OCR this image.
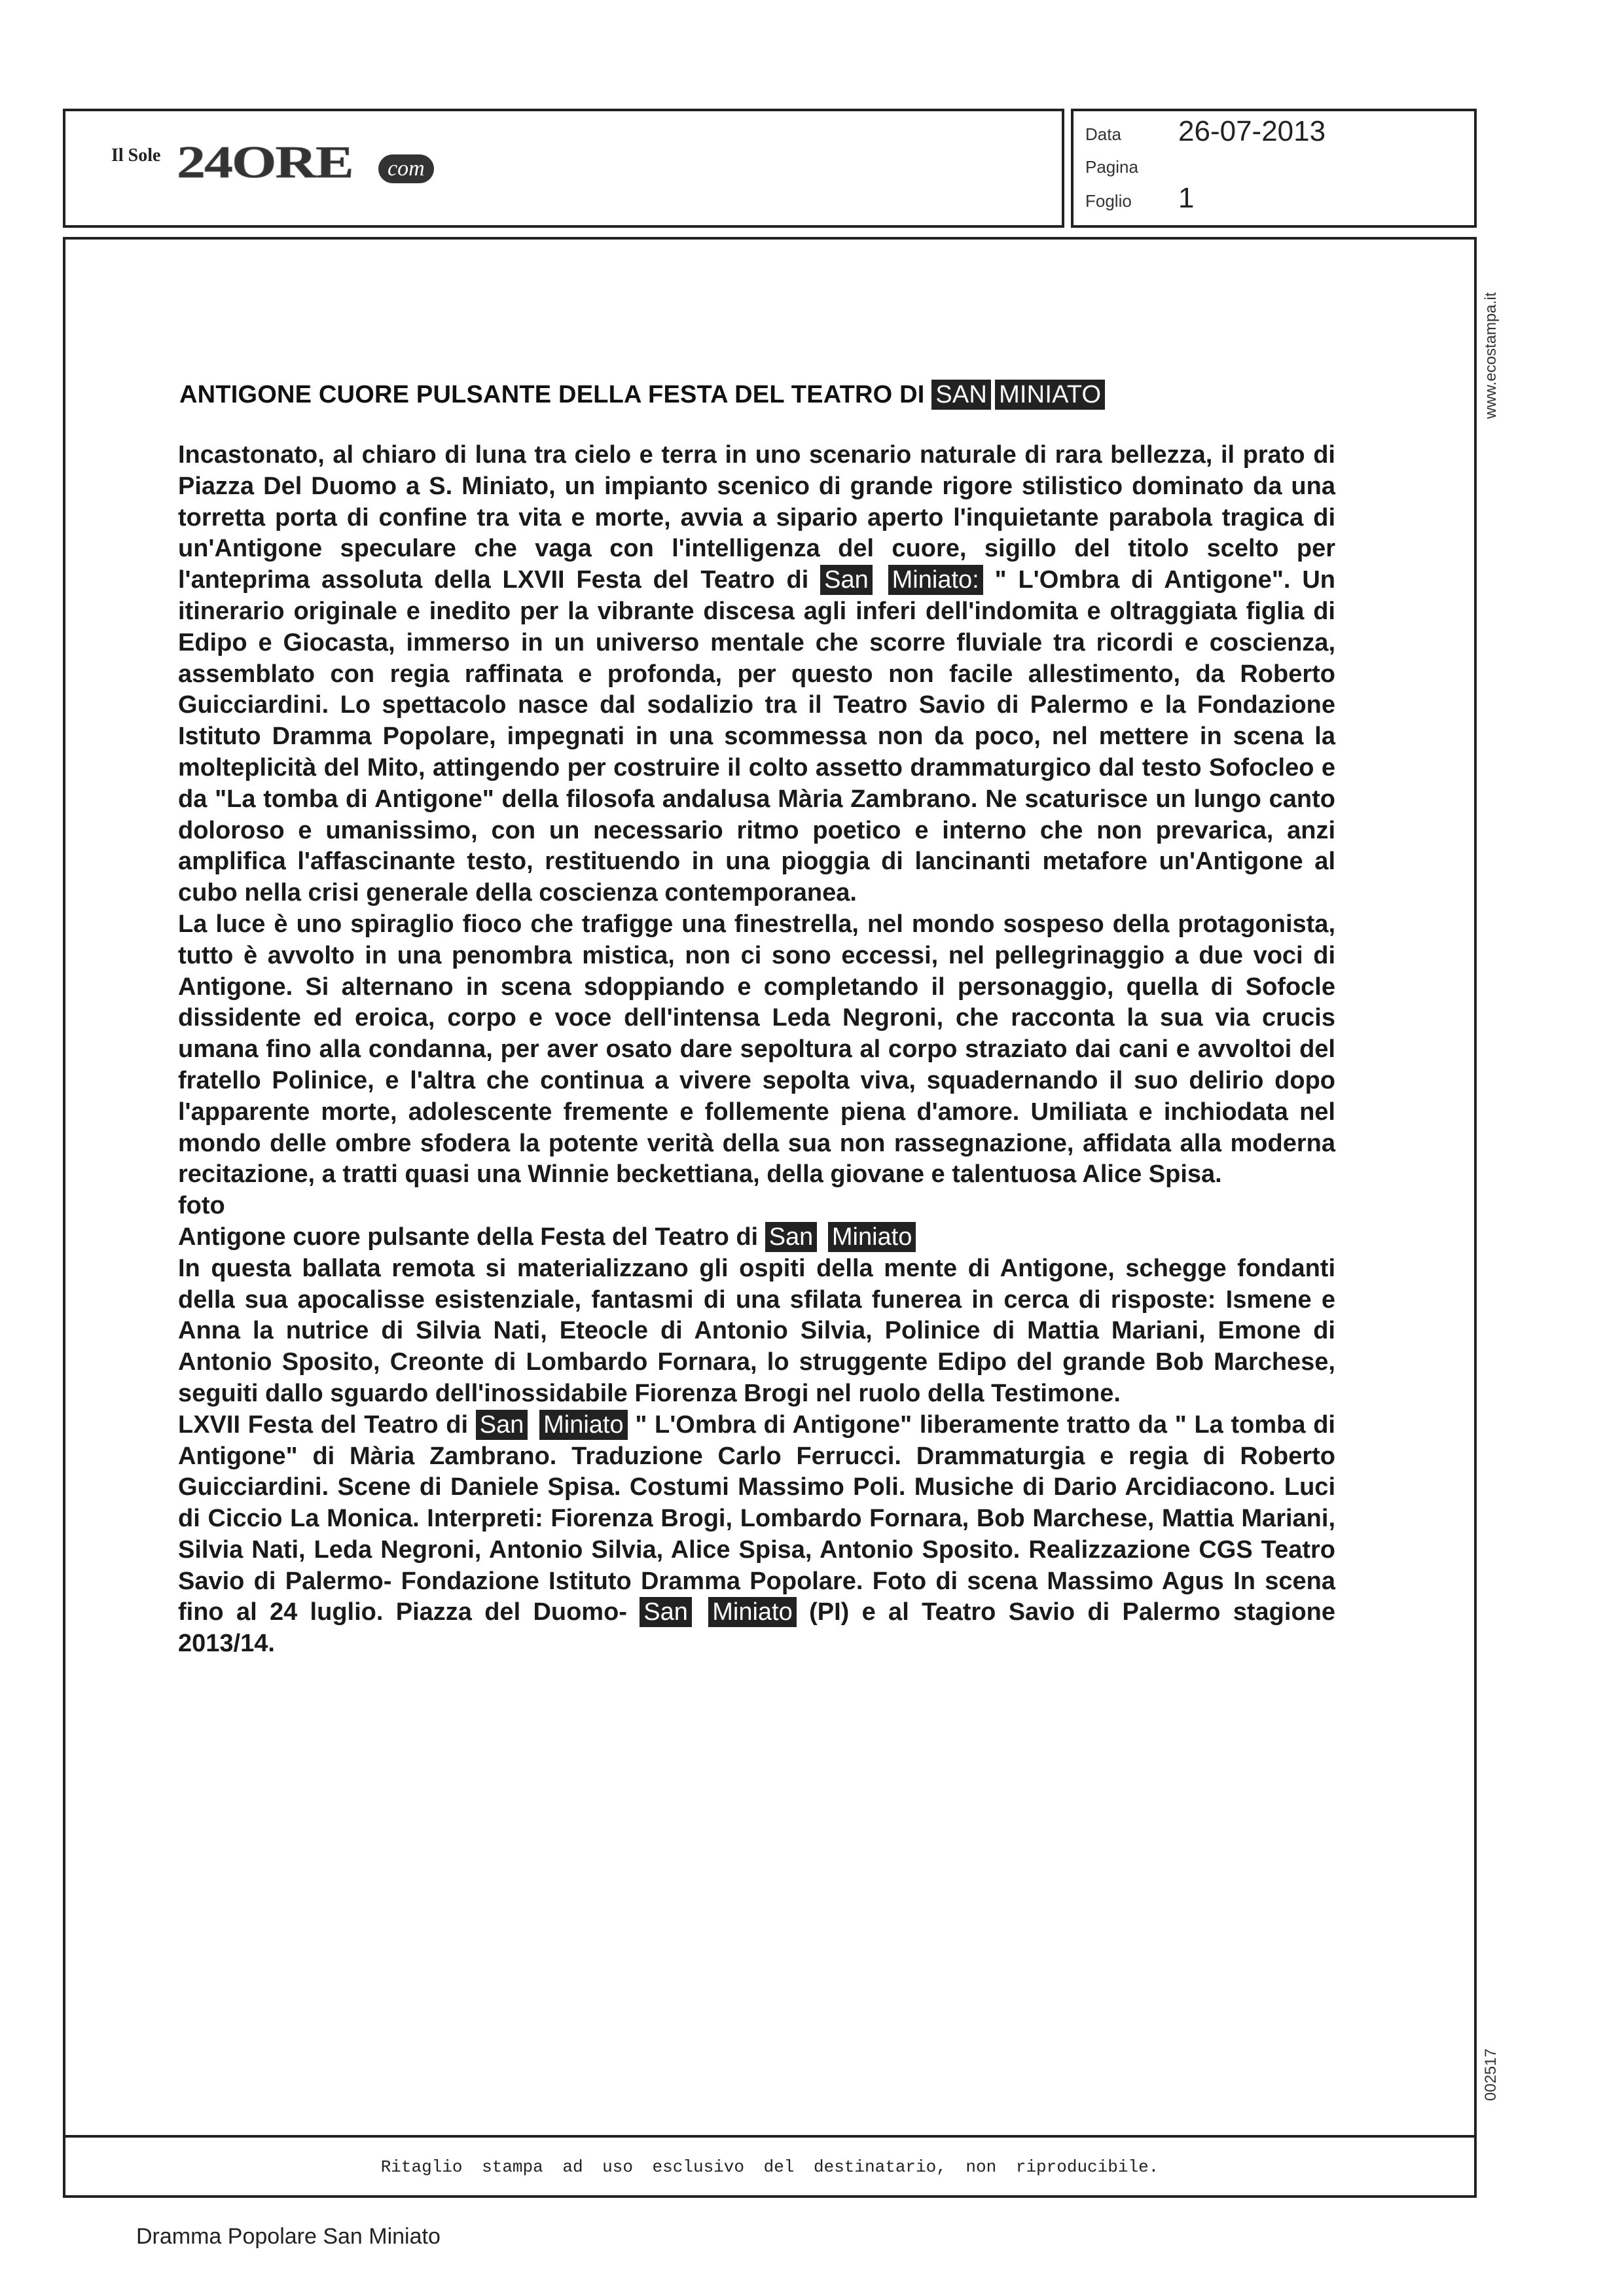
Il Sole 24ORE	com
Data 26-07-2013
Pagina
Foglio 1
Ritaglio stampa ad uso esclusivo del destinatario, non riproducibile.
www.ecostampa.it
002517
ANTIGONE CUORE PULSANTE DELLA FESTA DEL TEATRO DI SAN MINIATO

Incastonato, al chiaro di luna tra cielo e terra in uno scenario naturale di rara bellezza, il prato di Piazza Del Duomo a S. Miniato, un impianto scenico di grande rigore stilistico dominato da una torretta porta di confine tra vita e morte, avvia a sipario aperto l'inquietante parabola tragica di un'Antigone speculare che vaga con l'intelligenza del cuore, sigillo del titolo scelto per l'anteprima assoluta della LXVII Festa del Teatro di San Miniato: " L'Ombra di Antigone". Un itinerario originale e inedito per la vibrante discesa agli inferi dell'indomita e oltraggiata figlia di Edipo e Giocasta, immerso in un universo mentale che scorre fluviale tra ricordi e coscienza, assemblato con regia raffinata e profonda, per questo non facile allestimento, da Roberto Guicciardini. Lo spettacolo nasce dal sodalizio tra il Teatro Savio di Palermo e la Fondazione Istituto Dramma Popolare, impegnati in una scommessa non da poco, nel mettere in scena la molteplicità del Mito, attingendo per costruire il colto assetto drammaturgico dal testo Sofocleo e da "La tomba di Antigone" della filosofa andalusa Mària Zambrano. Ne scaturisce un lungo canto doloroso e umanissimo, con un necessario ritmo poetico e interno che non prevarica, anzi amplifica l'affascinante testo, restituendo in una pioggia di lancinanti metafore un'Antigone al cubo nella crisi generale della coscienza contemporanea.

La luce è uno spiraglio fioco che trafigge una finestrella, nel mondo sospeso della protagonista, tutto è avvolto in una penombra mistica, non ci sono eccessi, nel pellegrinaggio a due voci di Antigone. Si alternano in scena sdoppiando e completando il personaggio, quella di Sofocle dissidente ed eroica, corpo e voce dell'intensa Leda Negroni, che racconta la sua via crucis umana fino alla condanna, per aver osato dare sepoltura al corpo straziato dai cani e avvoltoi del fratello Polinice, e l'altra che continua a vivere sepolta viva, squadernando il suo delirio dopo l'apparente morte, adolescente fremente e follemente piena d'amore. Umiliata e inchiodata nel mondo delle ombre sfodera la potente verità della sua non rassegnazione, affidata alla moderna recitazione, a tratti quasi una Winnie beckettiana, della giovane e talentuosa Alice Spisa.

foto

Antigone cuore pulsante della Festa del Teatro di San Miniato

In questa ballata remota si materializzano gli ospiti della mente di Antigone, schegge fondanti della sua apocalisse esistenziale, fantasmi di una sfilata funerea in cerca di risposte: Ismene e Anna la nutrice di Silvia Nati, Eteocle di Antonio Silvia, Polinice di Mattia Mariani, Emone di Antonio Sposito, Creonte di Lombardo Fornara, lo struggente Edipo del grande Bob Marchese, seguiti dallo sguardo dell'inossidabile Fiorenza Brogi nel ruolo della Testimone.

LXVII Festa del Teatro di San Miniato " L'Ombra di Antigone" liberamente tratto da " La tomba di Antigone" di Mària Zambrano. Traduzione Carlo Ferrucci. Drammaturgia e regia di Roberto Guicciardini. Scene di Daniele Spisa. Costumi Massimo Poli. Musiche di Dario Arcidiacono. Luci di Ciccio La Monica. Interpreti: Fiorenza Brogi, Lombardo Fornara, Bob Marchese, Mattia Mariani, Silvia Nati, Leda Negroni, Antonio Silvia, Alice Spisa, Antonio Sposito. Realizzazione CGS Teatro Savio di Palermo- Fondazione Istituto Dramma Popolare. Foto di scena Massimo Agus In scena fino al 24 luglio. Piazza del Duomo- San Miniato (PI) e al Teatro Savio di Palermo stagione 2013/14.

Dramma Popolare San Miniato
